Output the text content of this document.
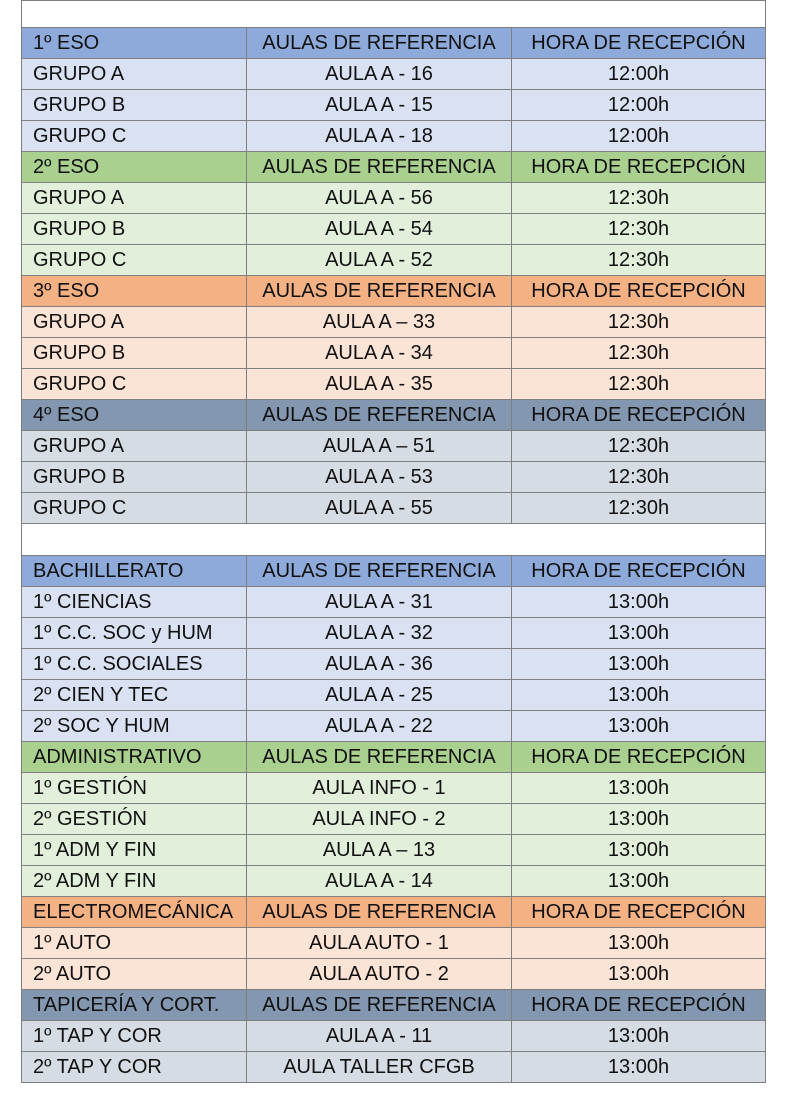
1º ESO	AULAS DE REFERENCIA	HORA DE RECEPCIÓN
GRUPO A	AULA A - 16	12:00h
GRUPO B	AULA A - 15	12:00h
GRUPO C	AULA A - 18	12:00h
2º ESO	AULAS DE REFERENCIA	HORA DE RECEPCIÓN
GRUPO A	AULA A - 56	12:30h
GRUPO B	AULA A - 54	12:30h
GRUPO C	AULA A - 52	12:30h
3º ESO	AULAS DE REFERENCIA	HORA DE RECEPCIÓN
GRUPO A	AULA A – 33	12:30h
GRUPO B	AULA A - 34	12:30h
GRUPO C	AULA A - 35	12:30h
4º ESO	AULAS DE REFERENCIA	HORA DE RECEPCIÓN
GRUPO A	AULA A – 51	12:30h
GRUPO B	AULA A - 53	12:30h
GRUPO C	AULA A - 55	12:30h

BACHILLERATO	AULAS DE REFERENCIA	HORA DE RECEPCIÓN
1º CIENCIAS	AULA A - 31	13:00h
1º C.C. SOC y HUM	AULA A - 32	13:00h
1º C.C. SOCIALES	AULA A - 36	13:00h
2º CIEN Y TEC	AULA A - 25	13:00h
2º SOC Y HUM	AULA A - 22	13:00h
ADMINISTRATIVO	AULAS DE REFERENCIA	HORA DE RECEPCIÓN
1º GESTIÓN	AULA INFO - 1	13:00h
2º GESTIÓN	AULA INFO - 2	13:00h
1º ADM Y FIN	AULA A – 13	13:00h
2º ADM Y FIN	AULA A - 14	13:00h
ELECTROMECÁNICA	AULAS DE REFERENCIA	HORA DE RECEPCIÓN
1º AUTO	AULA AUTO - 1	13:00h
2º AUTO	AULA AUTO - 2	13:00h
TAPICERÍA Y CORT.	AULAS DE REFERENCIA	HORA DE RECEPCIÓN
1º TAP Y COR	AULA A - 11	13:00h
2º TAP Y COR	AULA TALLER CFGB	13:00h
